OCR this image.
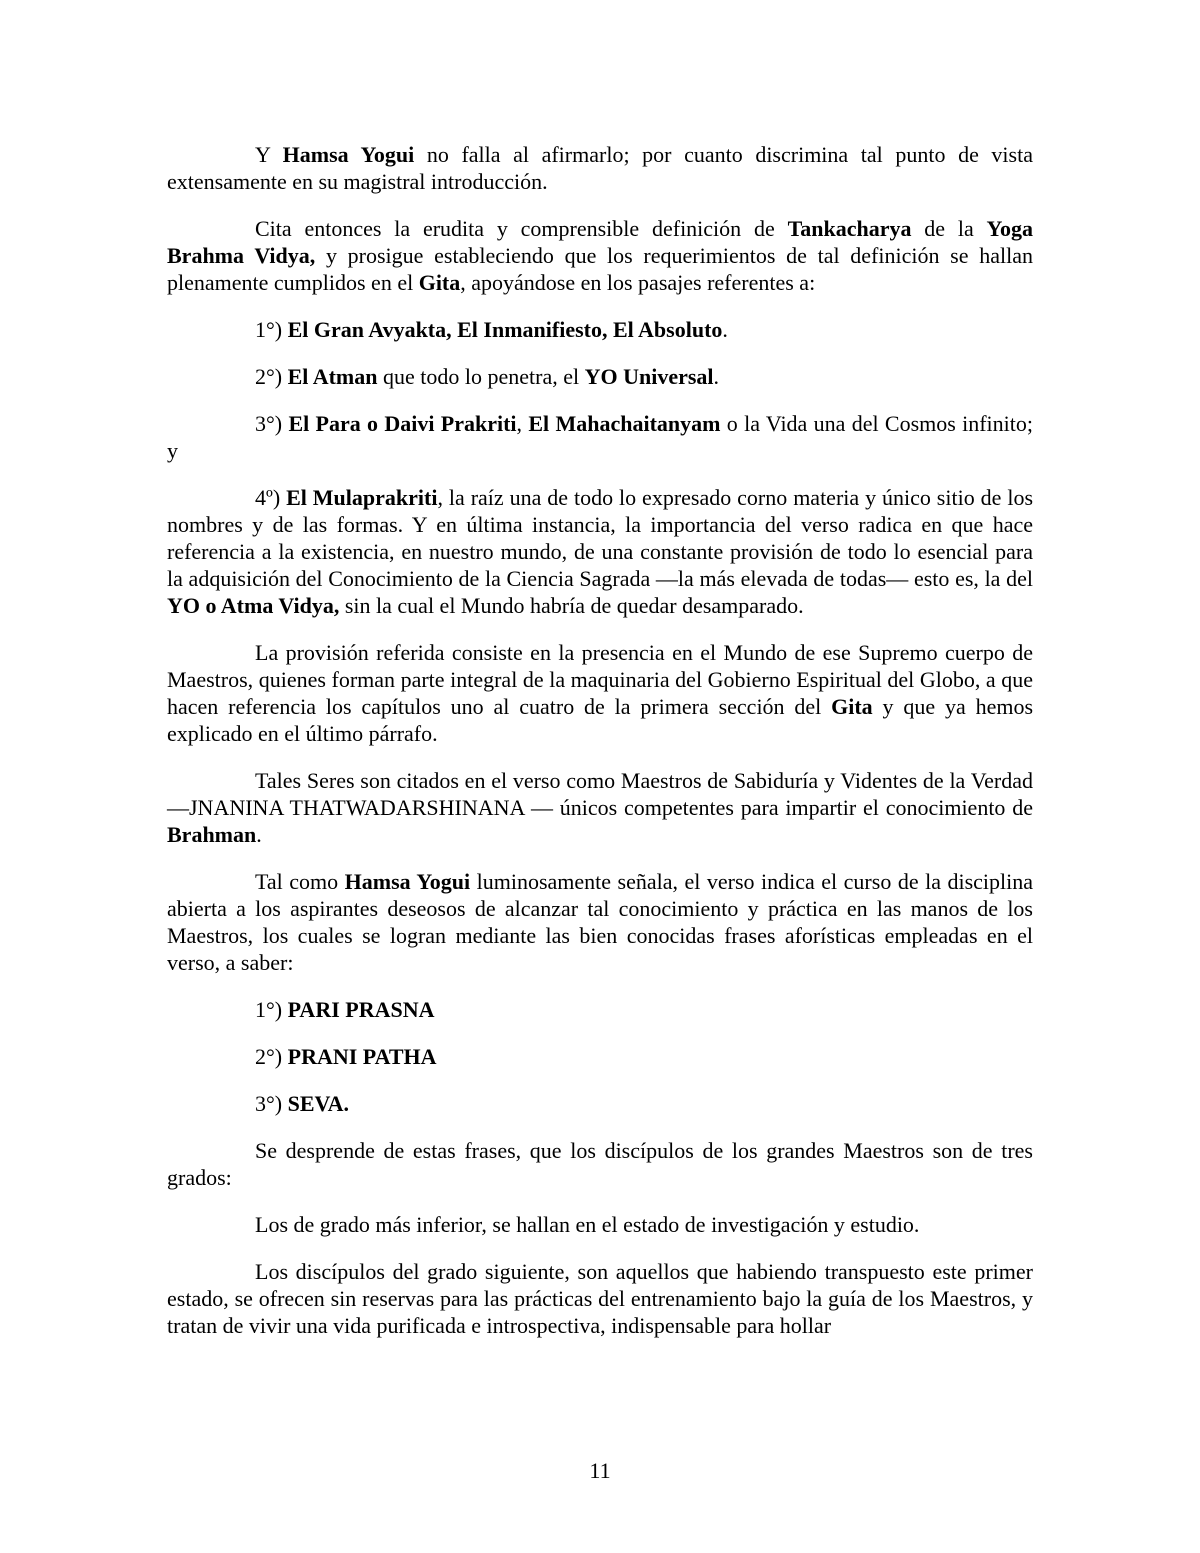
Y Hamsa Yogui no falla al afirmarlo; por cuanto discrimina tal punto de vista extensamente en su magistral introducción.

Cita entonces la erudita y comprensible definición de Tankacharya de la Yoga Brahma Vidya, y prosigue estableciendo que los requerimientos de tal definición se hallan plenamente cumplidos en el Gita, apoyándose en los pasajes referentes a:

1°) El Gran Avyakta, El Inmanifiesto, El Absoluto.

2°) El Atman que todo lo penetra, el YO Universal.

3°) El Para o Daivi Prakriti, El Mahachaitanyam o la Vida una del Cosmos infinito; y

4º) El Mulaprakriti, la raíz una de todo lo expresado corno materia y único sitio de los nombres y de las formas. Y en última instancia, la importancia del verso radica en que hace referencia a la existencia, en nuestro mundo, de una constante provisión de todo lo esencial para la adquisición del Conocimiento de la Ciencia Sagrada —la más elevada de todas— esto es, la del YO o Atma Vidya, sin la cual el Mundo habría de quedar desamparado.

La provisión referida consiste en la presencia en el Mundo de ese Supremo cuerpo de Maestros, quienes forman parte integral de la maquinaria del Gobierno Espiritual del Globo, a que hacen referencia los capítulos uno al cuatro de la primera sección del Gita y que ya hemos explicado en el último párrafo.

Tales Seres son citados en el verso como Maestros de Sabiduría y Videntes de la Verdad —JNANINA THATWADARSHINANA — únicos competentes para impartir el conocimiento de Brahman.

Tal como Hamsa Yogui luminosamente señala, el verso indica el curso de la disciplina abierta a los aspirantes deseosos de alcanzar tal conocimiento y práctica en las manos de los Maestros, los cuales se logran mediante las bien conocidas frases aforísticas empleadas en el verso, a saber:

1°) PARI PRASNA

2°) PRANI PATHA

3°) SEVA.

Se desprende de estas frases, que los discípulos de los grandes Maestros son de tres grados:

Los de grado más inferior, se hallan en el estado de investigación y estudio.

Los discípulos del grado siguiente, son aquellos que habiendo transpuesto este primer estado, se ofrecen sin reservas para las prácticas del entrenamiento bajo la guía de los Maestros, y tratan de vivir una vida purificada e introspectiva, indispensable para hollar

11
